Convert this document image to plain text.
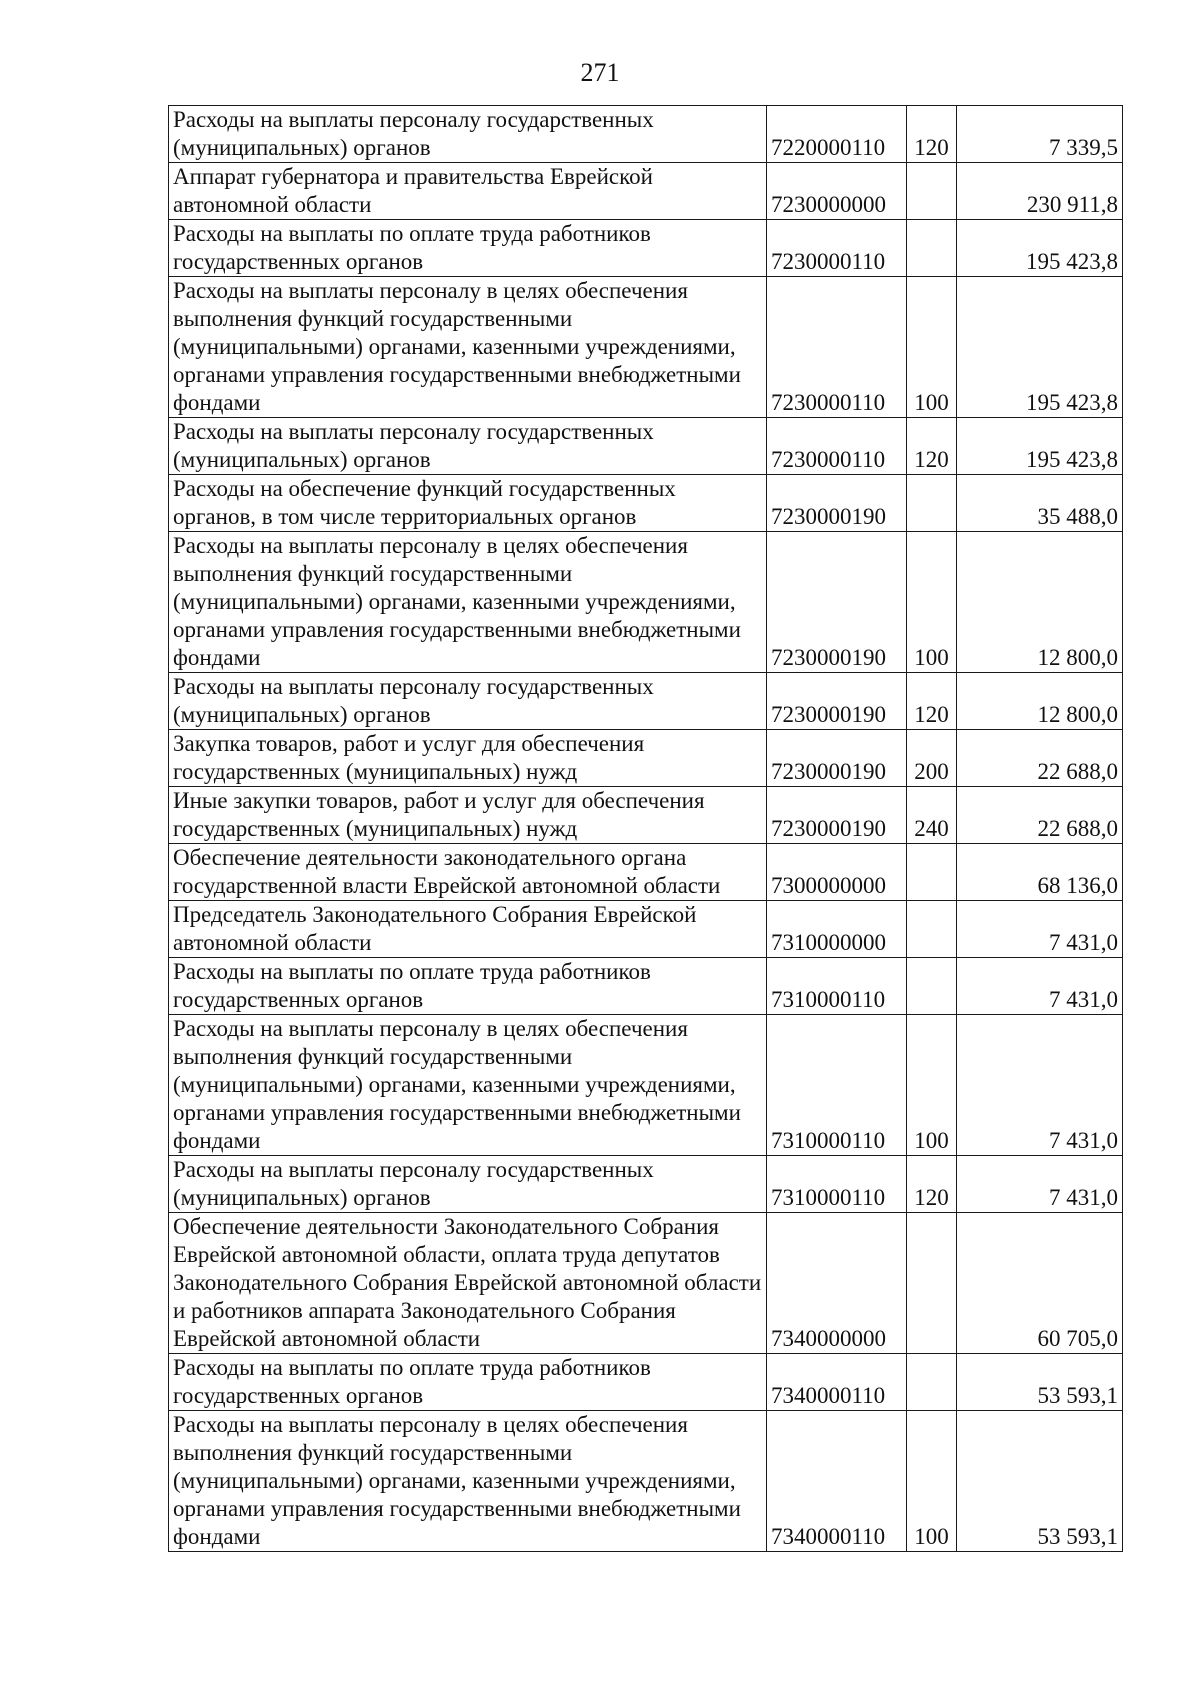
271
Расходы на выплаты персоналу государственных (муниципальных) органов	7220000110	120	7 339,5
Аппарат губернатора и правительства Еврейской автономной области	7230000000		230 911,8
Расходы на выплаты по оплате труда работников государственных органов	7230000110		195 423,8
Расходы на выплаты персоналу в целях обеспечения выполнения функций государственными (муниципальными) органами, казенными учреждениями, органами управления государственными внебюджетными фондами	7230000110	100	195 423,8
Расходы на выплаты персоналу государственных (муниципальных) органов	7230000110	120	195 423,8
Расходы на обеспечение функций государственных органов, в том числе территориальных органов	7230000190		35 488,0
Расходы на выплаты персоналу в целях обеспечения выполнения функций государственными (муниципальными) органами, казенными учреждениями, органами управления государственными внебюджетными фондами	7230000190	100	12 800,0
Расходы на выплаты персоналу государственных (муниципальных) органов	7230000190	120	12 800,0
Закупка товаров, работ и услуг для обеспечения государственных (муниципальных) нужд	7230000190	200	22 688,0
Иные закупки товаров, работ и услуг для обеспечения государственных (муниципальных) нужд	7230000190	240	22 688,0
Обеспечение деятельности законодательного органа государственной власти Еврейской автономной области	7300000000		68 136,0
Председатель Законодательного Собрания Еврейской автономной области	7310000000		7 431,0
Расходы на выплаты по оплате труда работников государственных органов	7310000110		7 431,0
Расходы на выплаты персоналу в целях обеспечения выполнения функций государственными (муниципальными) органами, казенными учреждениями, органами управления государственными внебюджетными фондами	7310000110	100	7 431,0
Расходы на выплаты персоналу государственных (муниципальных) органов	7310000110	120	7 431,0
Обеспечение деятельности Законодательного Собрания Еврейской автономной области, оплата труда депутатов Законодательного Собрания Еврейской автономной области и работников аппарата Законодательного Собрания Еврейской автономной области	7340000000		60 705,0
Расходы на выплаты по оплате труда работников государственных органов	7340000110		53 593,1
Расходы на выплаты персоналу в целях обеспечения выполнения функций государственными (муниципальными) органами, казенными учреждениями, органами управления государственными внебюджетными фондами	7340000110	100	53 593,1
